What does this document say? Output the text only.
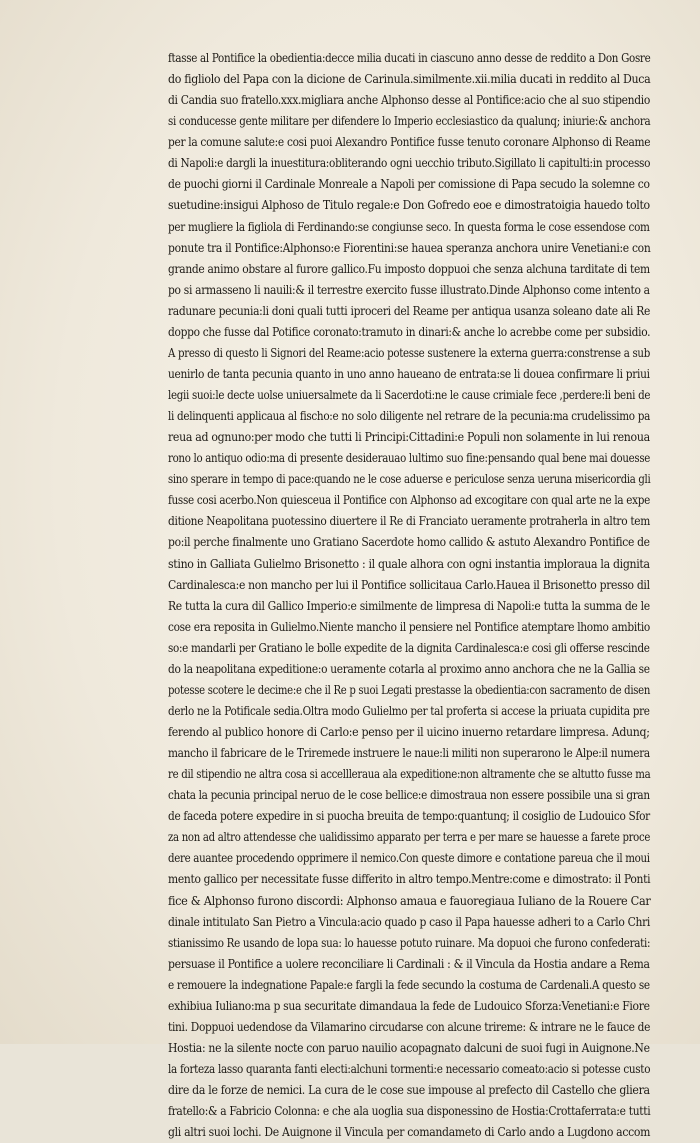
ftasse al Pontifice la obedientia:decce milia ducati in ciascuno anno desse de reddito a Don Gosre
do figliolo del Papa con la dicione de Carinula.similmente.xii.milia ducati in reddito al Duca
di Candia suo fratello.xxx.migliara anche Alphonso desse al Pontifice:acio che al suo stipendio
si conducesse gente militare per difendere lo Imperio ecclesiastico da qualunq; iniurie:& anchora
per la comune salute:e cosi puoi Alexandro Pontifice fusse tenuto coronare Alphonso di Reame
di Napoli:e dargli la inuestitura:obliterando ogni uecchio tributo.Sigillato li capitulti:in processo
de puochi giorni il Cardinale Monreale a Napoli per comissione di Papa secudo la solemne co
suetudine:insigui Alphoso de Titulo regale:e Don Gofredo eoe e dimostratoigia hauedo tolto
per mugliere la figliola di Ferdinando:se congiunse seco. In questa forma le cose essendose com
ponute tra il Pontifice:Alphonso:e Fiorentini:se hauea speranza anchora unire Venetiani:e con
grande animo obstare al furore gallico.Fu imposto doppuoi che senza alchuna tarditate di tem
po si armasseno li nauili:& il terrestre exercito fusse illustrato.Dinde Alphonso come intento a
radunare pecunia:li doni quali tutti iproceri del Reame per antiqua usanza soleano date ali Re
doppo che fusse dal Potifice coronato:tramuto in dinari:& anche lo acrebbe come per subsidio.
A presso di questo li Signori del Reame:acio potesse sustenere la externa guerra:constrense a sub
uenirlo de tanta pecunia quanto in uno anno haueano de entrata:se li douea confirmare li priui
legii suoi:le decte uolse uniuersalmete da li Sacerdoti:ne le cause crimiale fece ,perdere:li beni de
li delinquenti applicaua al fischo:e no solo diligente nel retrare de la pecunia:ma crudelissimo pa
reua ad ognuno:per modo che tutti li Principi:Cittadini:e Populi non solamente in lui renoua
rono lo antiquo odio:ma di presente desiderauao lultimo suo fine:pensando qual bene mai douesse
sino sperare in tempo di pace:quando ne le cose aduerse e periculose senza ueruna misericordia gli
fusse cosi acerbo.Non quiesceua il Pontifice con Alphonso ad excogitare con qual arte ne la expe
ditione Neapolitana puotessino diuertere il Re di Franciato ueramente protraherla in altro tem
po:il perche finalmente uno Gratiano Sacerdote homo callido & astuto Alexandro Pontifice de
stino in Galliata Gulielmo Brisonetto : il quale alhora con ogni instantia imploraua la dignita
Cardinalesca:e non mancho per lui il Pontifice sollicitaua Carlo.Hauea il Brisonetto presso dil
Re tutta la cura dil Gallico Imperio:e similmente de limpresa di Napoli:e tutta la summa de le
cose era reposita in Gulielmo.Niente mancho il pensiere nel Pontifice atemptare lhomo ambitio
so:e mandarli per Gratiano le bolle expedite de la dignita Cardinalesca:e cosi gli offerse rescinde
do la neapolitana expeditione:o ueramente cotarla al proximo anno anchora che ne la Gallia se
potesse scotere le decime:e che il Re p suoi Legati prestasse la obedientia:con sacramento de disen
derlo ne la Potificale sedia.Oltra modo Gulielmo per tal proferta si accese la priuata cupidita pre
ferendo al publico honore di Carlo:e penso per il uicino inuerno retardare limpresa. Adunq;
mancho il fabricare de le Triremede instruere le naue:li militi non superarono le Alpe:il numera
re dil stipendio ne altra cosa si accellleraua ala expeditione:non altramente che se altutto fusse ma
chata la pecunia principal neruo de le cose bellice:e dimostraua non essere possibile una si gran
de faceda potere expedire in si puocha breuita de tempo:quantunq; il cosiglio de Ludouico Sfor
za non ad altro attendesse che ualidissimo apparato per terra e per mare se hauesse a farete proce
dere auantee procedendo opprimere il nemico.Con queste dimore e contatione pareua che il moui
mento gallico per necessitate fusse differito in altro tempo.Mentre:come e dimostrato: il Ponti
fice & Alphonso furono discordi: Alphonso amaua e fauoregiaua Iuliano de la Rouere Car
dinale intitulato San Pietro a Vincula:acio quado p caso il Papa hauesse adheri to a Carlo Chri
stianissimo Re usando de lopa sua: lo hauesse potuto ruinare. Ma dopuoi che furono confederati:
persuase il Pontifice a uolere reconciliare li Cardinali : & il Vincula da Hostia andare a Rema
e remouere la indegnatione Papale:e fargli la fede secundo la costuma de Cardenali.A questo se
exhibiua Iuliano:ma p sua securitate dimandaua la fede de Ludouico Sforza:Venetiani:e Fiore
tini. Doppuoi uedendose da Vilamarino circudarse con alcune trireme: & intrare ne le fauce de
Hostia: ne la silente nocte con paruo nauilio acopagnato dalcuni de suoi fugi in Auignone.Ne
la forteza lasso quaranta fanti electi:alchuni tormenti:e necessario comeato:acio si potesse custo
dire da le forze de nemici. La cura de le cose sue impouse al prefecto dil Castello che gliera
fratello:& a Fabricio Colonna: e che ala uoglia sua disponessino de Hostia:Crottaferrata:e tutti
gli altri suoi lochi. De Auignone il Vincula per comandameto di Carlo ando a Lugdono accom
